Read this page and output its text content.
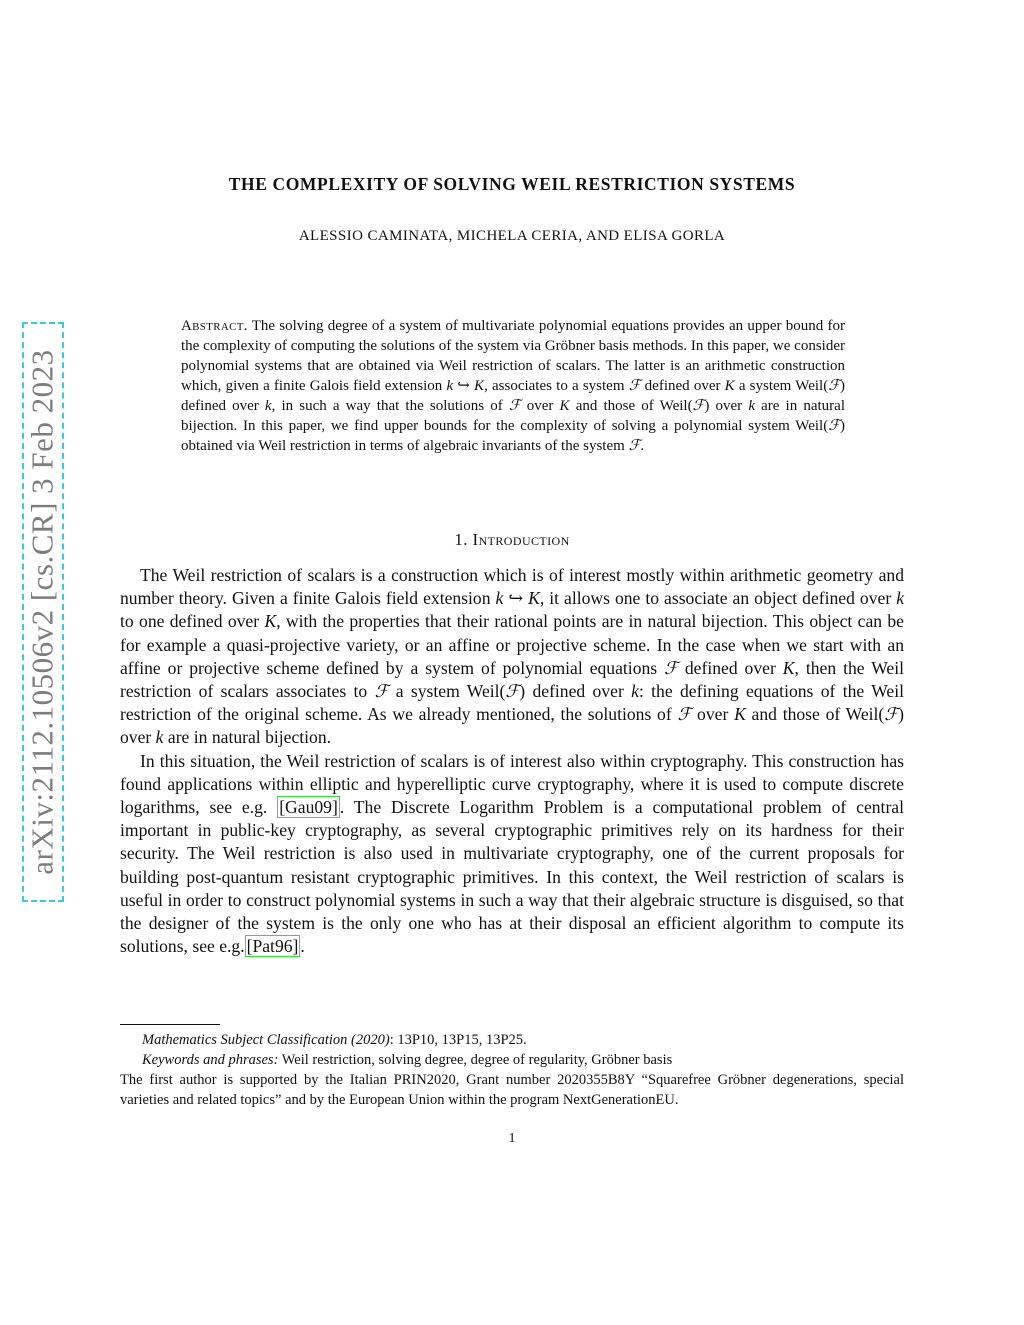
arXiv:2112.10506v2 [cs.CR] 3 Feb 2023
THE COMPLEXITY OF SOLVING WEIL RESTRICTION SYSTEMS
ALESSIO CAMINATA, MICHELA CERIA, AND ELISA GORLA

Abstract. The solving degree of a system of multivariate polynomial equations provides an upper bound for the complexity of computing the solutions of the system via Gröbner basis methods. In this paper, we consider polynomial systems that are obtained via Weil restriction of scalars. The latter is an arithmetic construction which, given a finite Galois field extension k ↪ K, associates to a system ℱ defined over K a system Weil(ℱ) defined over k, in such a way that the solutions of ℱ over K and those of Weil(ℱ) over k are in natural bijection. In this paper, we find upper bounds for the complexity of solving a polynomial system Weil(ℱ) obtained via Weil restriction in terms of algebraic invariants of the system ℱ.

1. Introduction

The Weil restriction of scalars is a construction which is of interest mostly within arithmetic geometry and number theory. Given a finite Galois field extension k ↪ K, it allows one to associate an object defined over k to one defined over K, with the properties that their rational points are in natural bijection. This object can be for example a quasi-projective variety, or an affine or projective scheme. In the case when we start with an affine or projective scheme defined by a system of polynomial equations ℱ defined over K, then the Weil restriction of scalars associates to ℱ a system Weil(ℱ) defined over k: the defining equations of the Weil restriction of the original scheme. As we already mentioned, the solutions of ℱ over K and those of Weil(ℱ) over k are in natural bijection.

In this situation, the Weil restriction of scalars is of interest also within cryptography. This construction has found applications within elliptic and hyperelliptic curve cryptography, where it is used to compute discrete logarithms, see e.g. [Gau09] . The Discrete Logarithm Problem is a computational problem of central important in public-key cryptography, as several cryptographic primitives rely on its hardness for their security. The Weil restriction is also used in multivariate cryptography, one of the current proposals for building post-quantum resistant cryptographic primitives. In this context, the Weil restriction of scalars is useful in order to construct polynomial systems in such a way that their algebraic structure is disguised, so that the designer of the system is the only one who has at their disposal an efficient algorithm to compute its solutions, see e.g. [Pat96] .

Mathematics Subject Classification (2020): 13P10, 13P15, 13P25.

Keywords and phrases: Weil restriction, solving degree, degree of regularity, Gröbner basis

The first author is supported by the Italian PRIN2020, Grant number 2020355B8Y “Squarefree Gröbner degenerations, special varieties and related topics” and by the European Union within the program NextGenerationEU.

1
